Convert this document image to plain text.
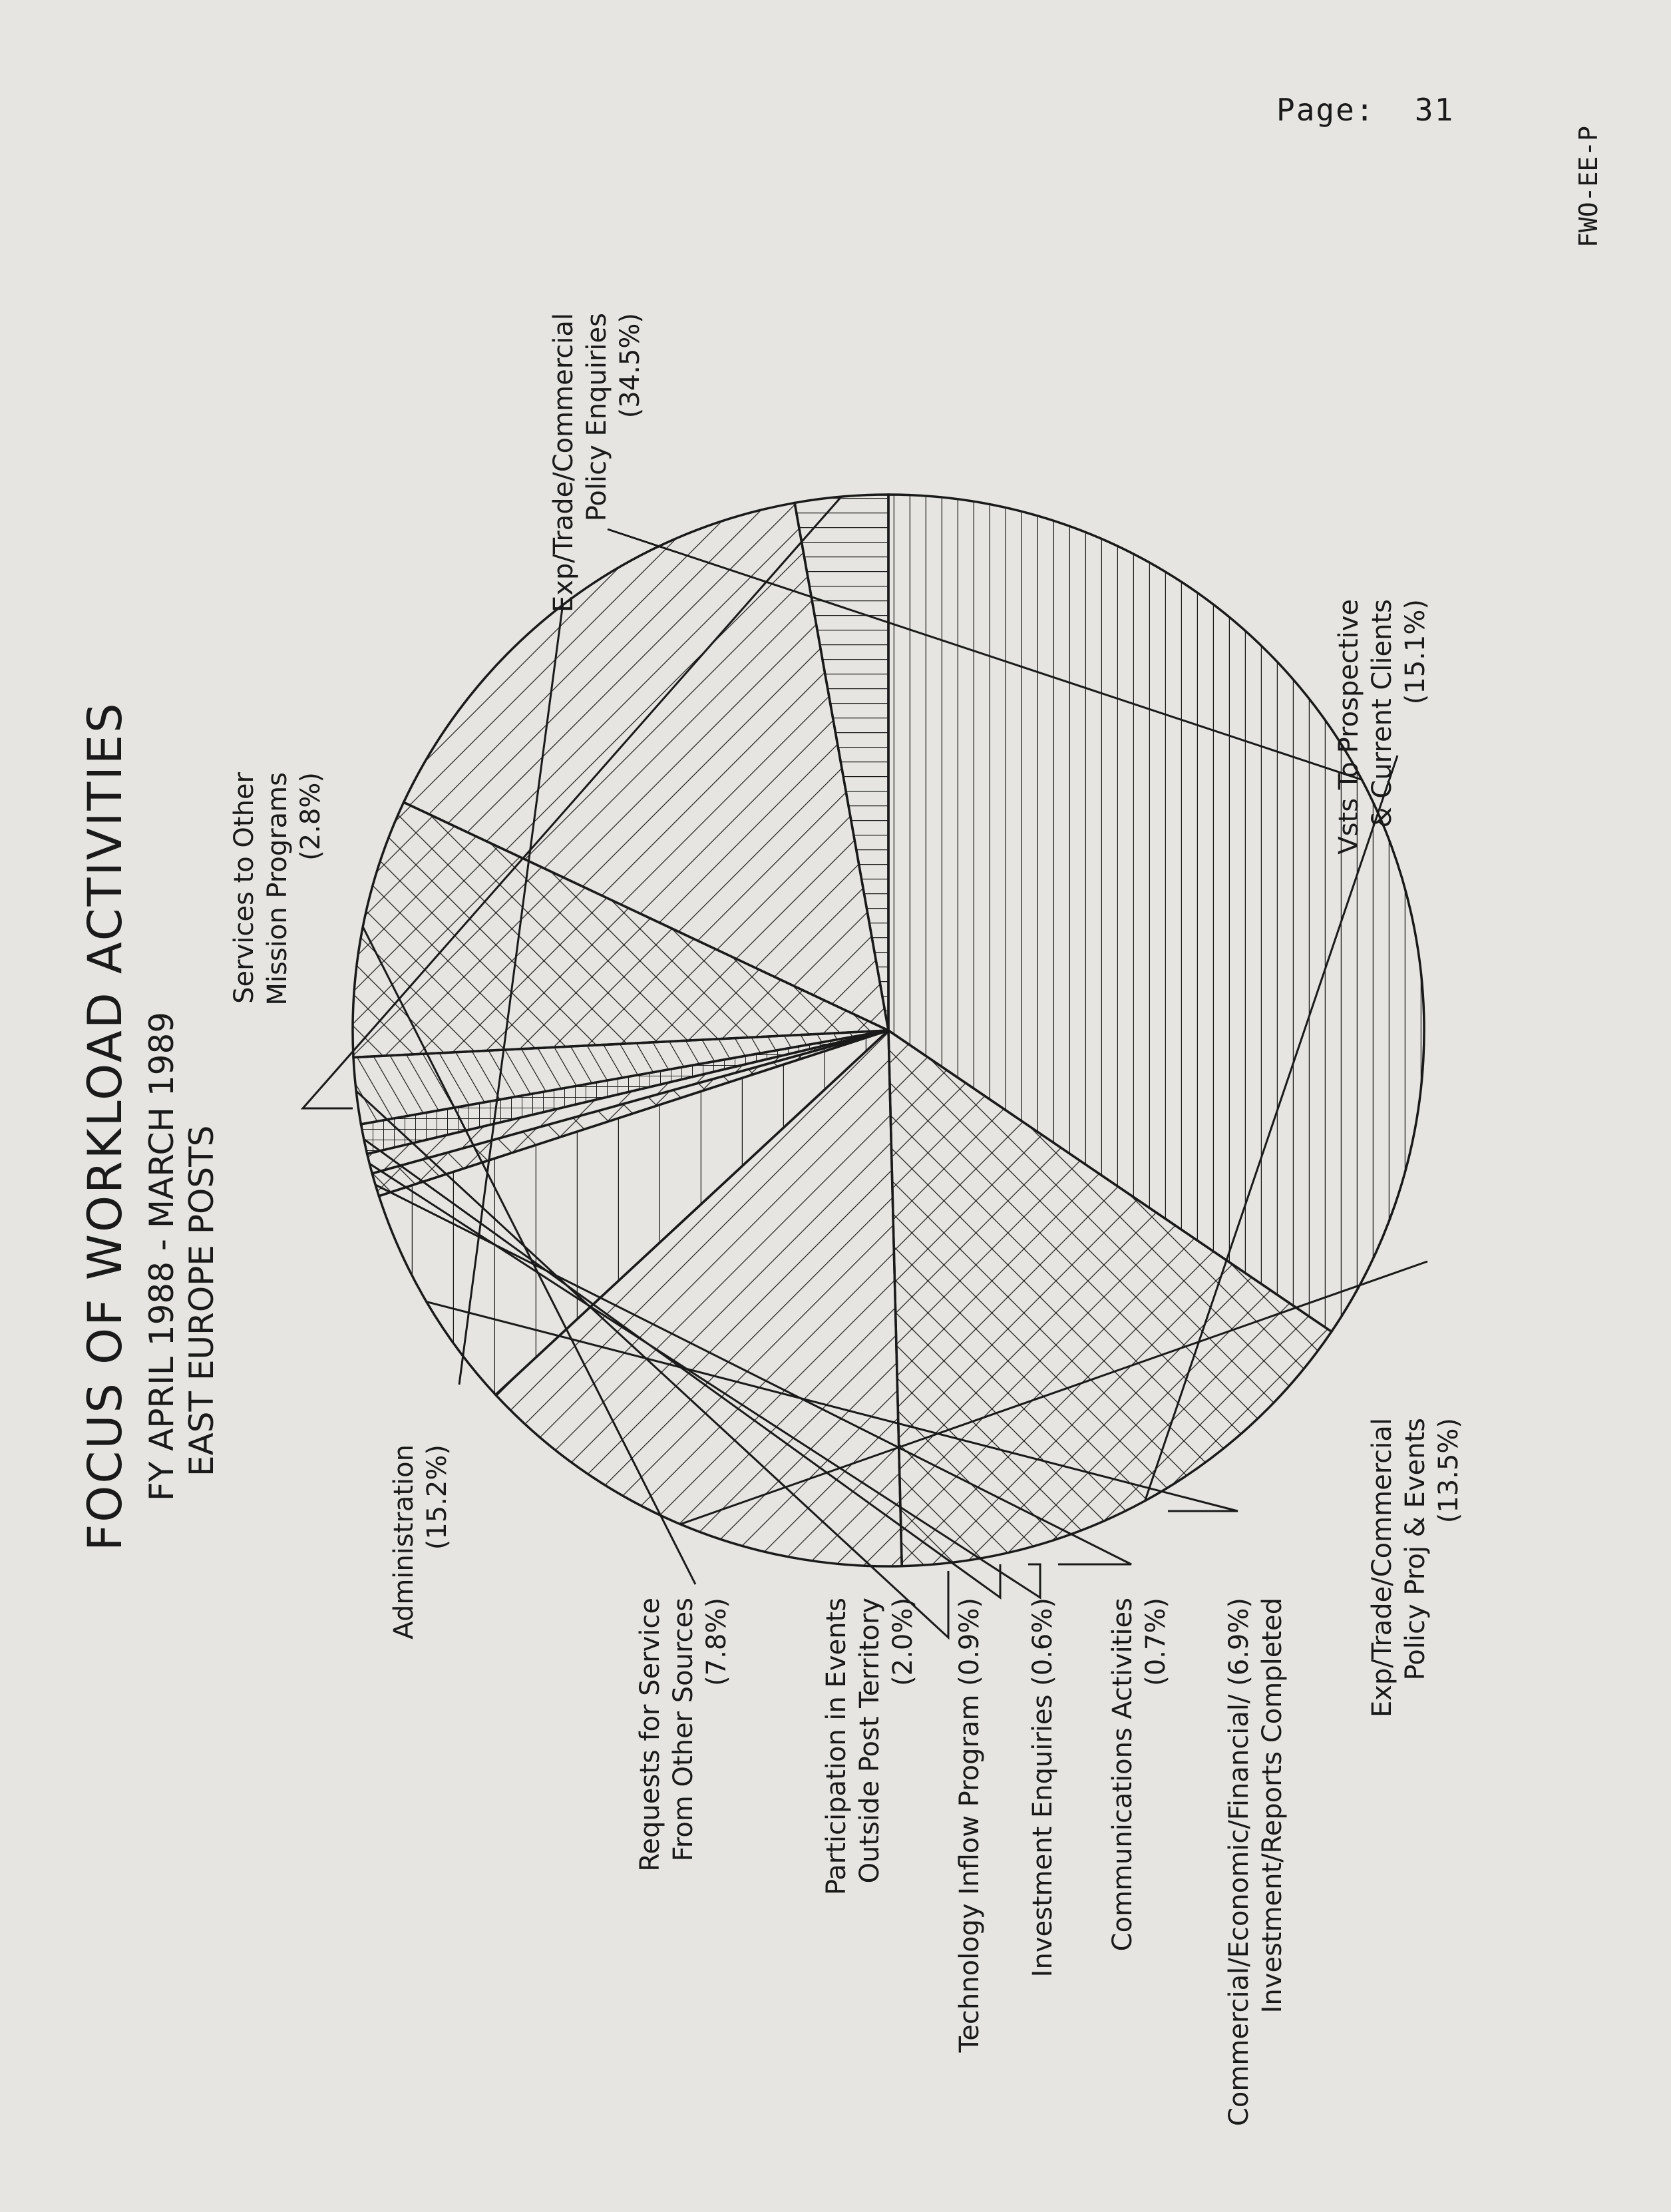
Page: 31
FWO-EE-P
FOCUS OF WORKLOAD ACTIVITIES FY APRIL 1988 - MARCH 1989 EAST EUROPE POSTS
Exp/Trade/Commercial Policy Enquiries (34.5%)
Vsts To Prospective & Current Clients (15.1%)
Exp/Trade/Commercial Policy Proj & Events (13.5%)
Commercial/Economic/Financial/ (6.9%) Investment/Reports Completed
Communications Activities (0.7%)
Investment Enquiries (0.6%)
Technology Inflow Program (0.9%)
Participation in Events Outside Post Territory (2.0%)
Requests for Service From Other Sources (7.8%)
Administration (15.2%)
Services to Other Mission Programs (2.8%)
